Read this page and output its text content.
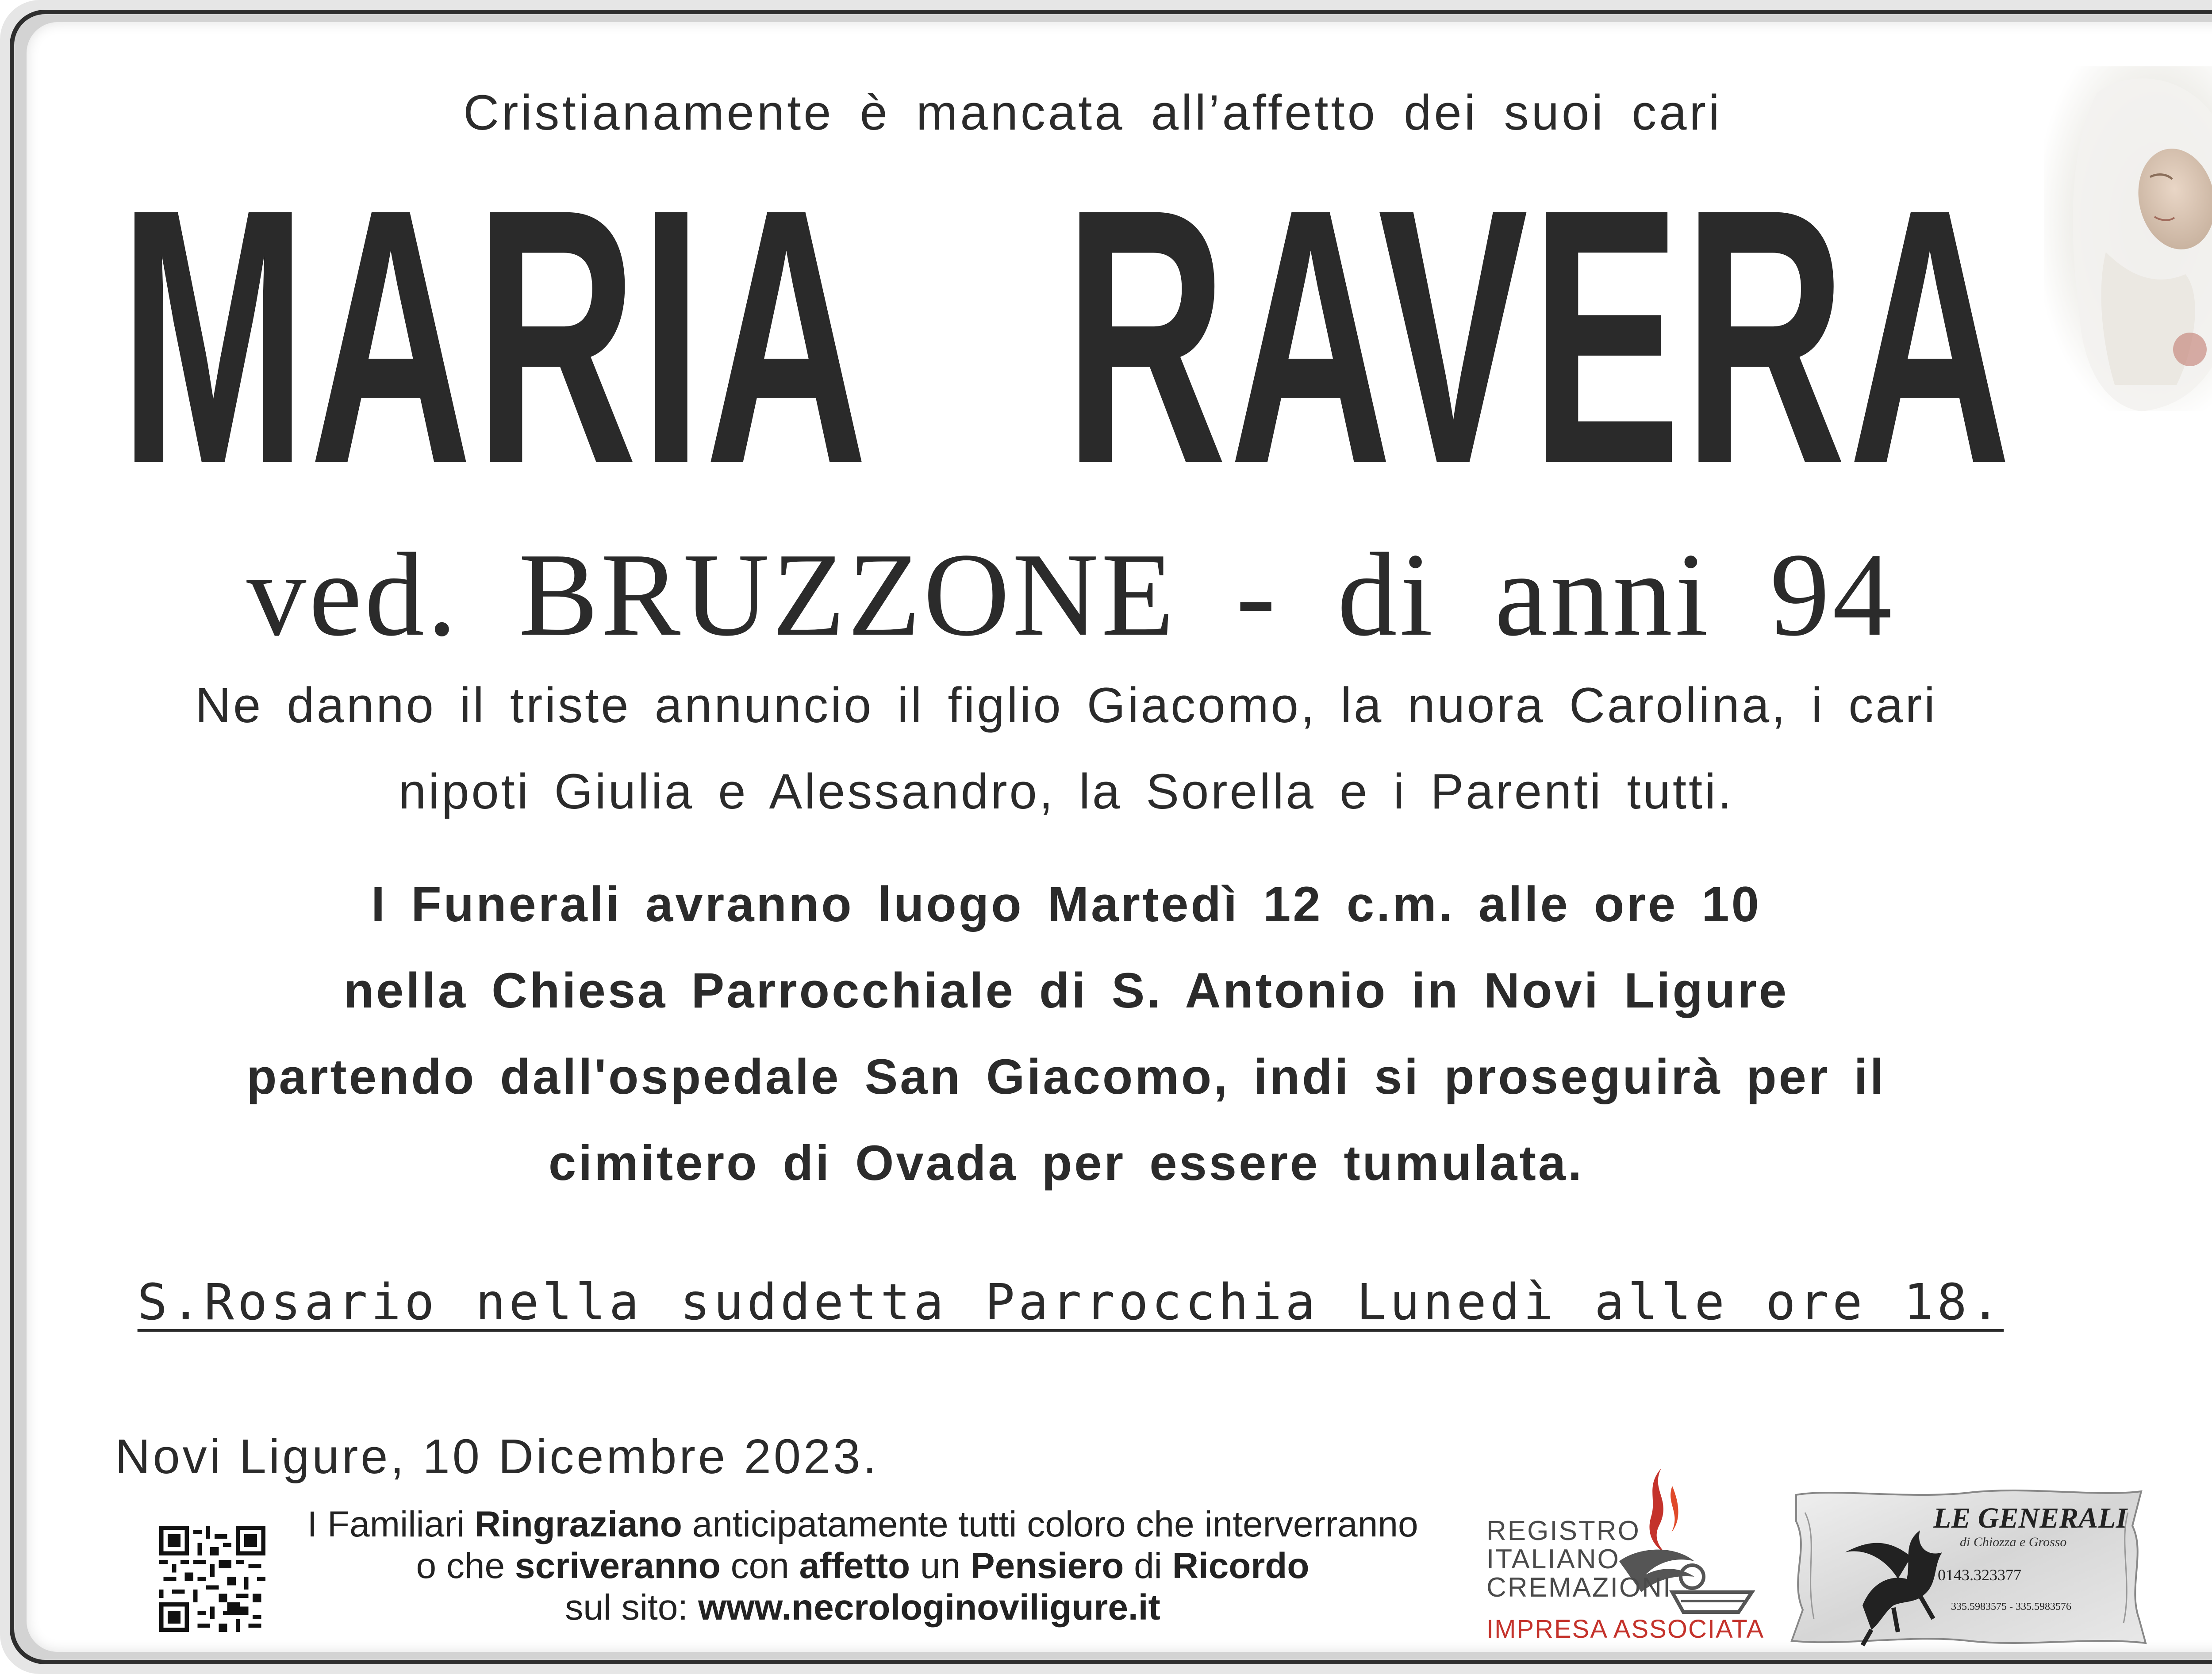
Cristianamente è mancata all’affetto dei suoi cari
MARIA RAVERA
ved. BRUZZONE - di anni 94
Ne danno il triste annuncio il figlio Giacomo, la nuora Carolina, i cari
nipoti Giulia e Alessandro, la Sorella e i Parenti tutti.
I Funerali avranno luogo Martedì 12 c.m. alle ore 10
nella Chiesa Parrocchiale di S. Antonio in Novi Ligure
partendo dall'ospedale San Giacomo, indi si proseguirà per il
cimitero di Ovada per essere tumulata.
S.Rosario nella suddetta Parrocchia Lunedì alle ore 18.
Novi Ligure, 10 Dicembre 2023.
I Familiari Ringraziano anticipatamente tutti coloro che interverranno
o che scriveranno con affetto un Pensiero di Ricordo
sul sito: www.necrologinoviligure.it
REGISTRO
ITALIANO
CREMAZIONI
IMPRESA ASSOCIATA
LE GENERALI
di Chiozza e Grosso
0143.323377
335.5983575 - 335.5983576
